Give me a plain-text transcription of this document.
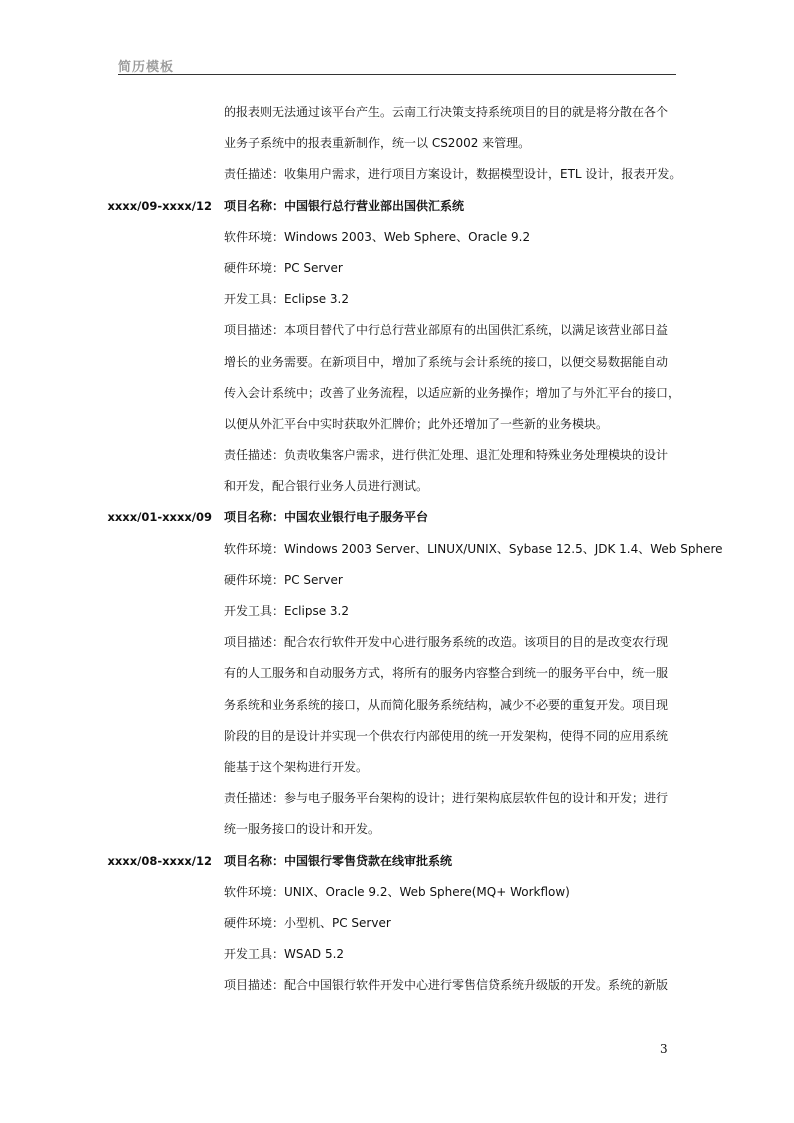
简历模板
的报表则无法通过该平台产生。云南工行决策支持系统项目的目的就是将分散在各个
业务子系统中的报表重新制作，统一以 CS2002 来管理。
责任描述：收集用户需求，进行项目方案设计，数据模型设计，ETL 设计，报表开发。
xxxx/09-xxxx/12 项目名称：中国银行总行营业部出国供汇系统
软件环境：Windows 2003、Web Sphere、Oracle 9.2
硬件环境：PC Server
开发工具：Eclipse 3.2
项目描述：本项目替代了中行总行营业部原有的出国供汇系统，以满足该营业部日益
增长的业务需要。在新项目中，增加了系统与会计系统的接口，以便交易数据能自动
传入会计系统中；改善了业务流程，以适应新的业务操作；增加了与外汇平台的接口，
以便从外汇平台中实时获取外汇牌价；此外还增加了一些新的业务模块。
责任描述：负责收集客户需求，进行供汇处理、退汇处理和特殊业务处理模块的设计
和开发，配合银行业务人员进行测试。
xxxx/01-xxxx/09 项目名称：中国农业银行电子服务平台
软件环境：Windows 2003 Server、LINUX/UNIX、Sybase 12.5、JDK 1.4、Web Sphere
硬件环境：PC Server
开发工具：Eclipse 3.2
项目描述：配合农行软件开发中心进行服务系统的改造。该项目的目的是改变农行现
有的人工服务和自动服务方式，将所有的服务内容整合到统一的服务平台中，统一服
务系统和业务系统的接口，从而简化服务系统结构，减少不必要的重复开发。项目现
阶段的目的是设计并实现一个供农行内部使用的统一开发架构，使得不同的应用系统
能基于这个架构进行开发。
责任描述：参与电子服务平台架构的设计；进行架构底层软件包的设计和开发；进行
统一服务接口的设计和开发。
xxxx/08-xxxx/12 项目名称：中国银行零售贷款在线审批系统
软件环境：UNIX、Oracle 9.2、Web Sphere(MQ+ Workflow)
硬件环境：小型机、PC Server
开发工具：WSAD 5.2
项目描述：配合中国银行软件开发中心进行零售信贷系统升级版的开发。系统的新版
3
